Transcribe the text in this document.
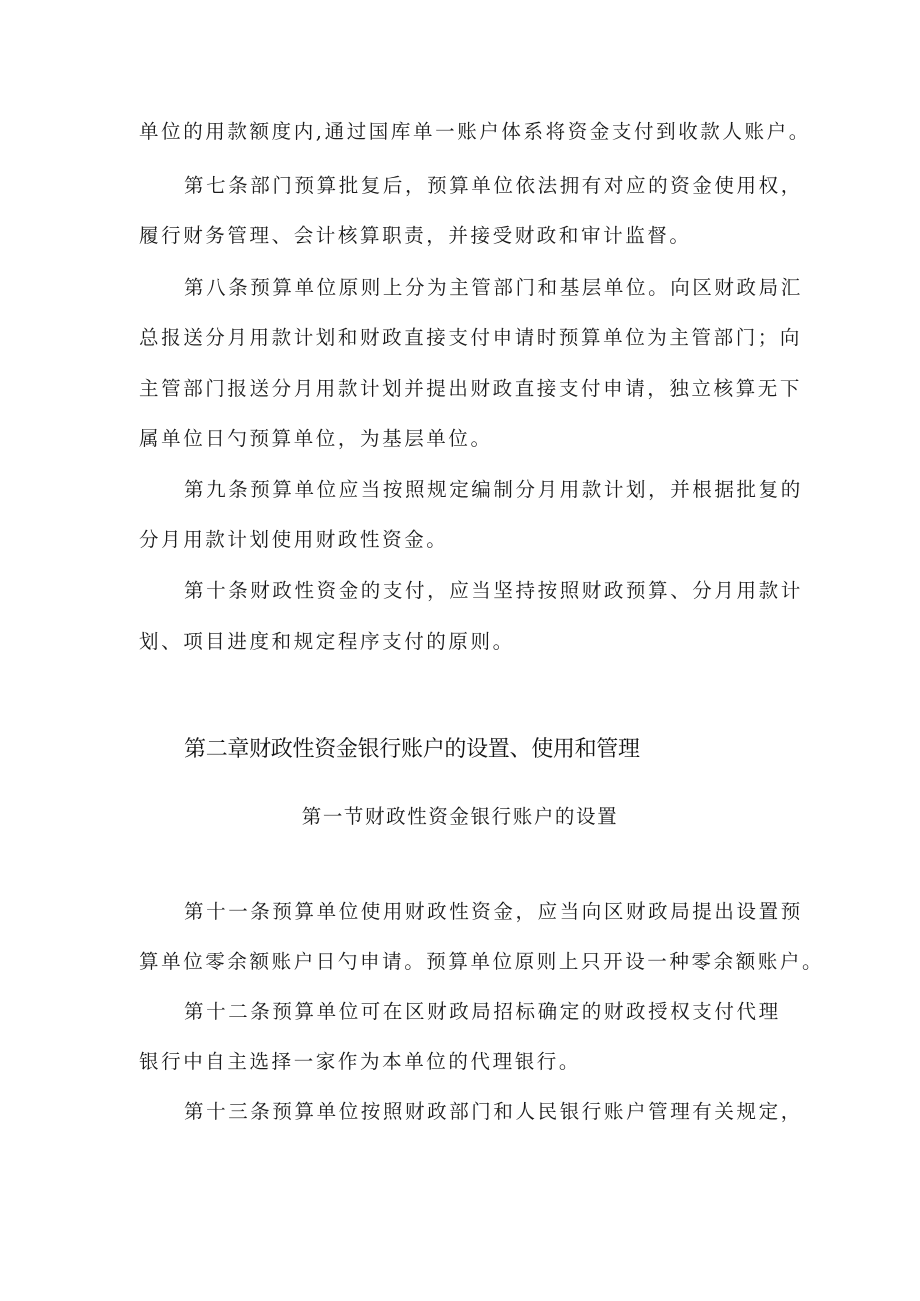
单位的用款额度内,通过国库单一账户体系将资金支付到收款人账户。
第七条部门预算批复后，预算单位依法拥有对应的资金使用权，
履行财务管理、会计核算职责，并接受财政和审计监督。
第八条预算单位原则上分为主管部门和基层单位。向区财政局汇
总报送分月用款计划和财政直接支付申请时预算单位为主管部门；向
主管部门报送分月用款计划并提出财政直接支付申请，独立核算无下
属单位日勺预算单位，为基层单位。
第九条预算单位应当按照规定编制分月用款计划，并根据批复的
分月用款计划使用财政性资金。
第十条财政性资金的支付，应当坚持按照财政预算、分月用款计
划、项目进度和规定程序支付的原则。
第二章财政性资金银行账户的设置、使用和管理
第一节财政性资金银行账户的设置
第十一条预算单位使用财政性资金，应当向区财政局提出设置预
算单位零余额账户日勺申请。预算单位原则上只开设一种零余额账户。
第十二条预算单位可在区财政局招标确定的财政授权支付代理
银行中自主选择一家作为本单位的代理银行。
第十三条预算单位按照财政部门和人民银行账户管理有关规定，
